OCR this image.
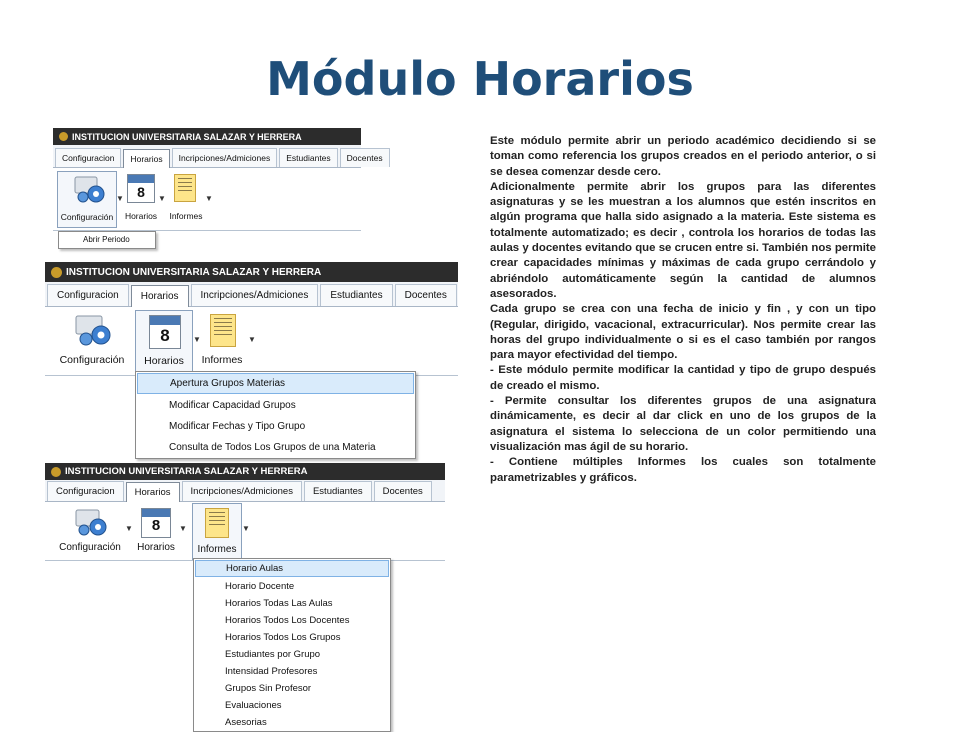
Módulo Horarios
INSTITUCION UNIVERSITARIA SALAZAR Y HERRERA
Configuracion	Horarios	Incripciones/Admiciones	Estudiantes	Docentes
Configuración
▼ 8
Horarios
▼
Informes
▼
Abrir Periodo
INSTITUCION UNIVERSITARIA SALAZAR Y HERRERA
Configuracion	Horarios	Incripciones/Admiciones	Estudiantes	Docentes
Configuración
8
Horarios
▼
Informes
▼
Apertura Grupos Materias
Modificar Capacidad Grupos
Modificar Fechas y Tipo Grupo
Consulta de Todos Los Grupos de una Materia
INSTITUCION UNIVERSITARIA SALAZAR Y HERRERA
Configuracion	Horarios	Incripciones/Admiciones	Estudiantes	Docentes
Configuración
▼	8
Horarios
▼
Informes
▼
Horario Aulas
Horario Docente
Horarios Todas Las Aulas
Horarios Todos Los Docentes
Horarios Todos Los Grupos
Estudiantes por Grupo
Intensidad Profesores
Grupos Sin Profesor
Evaluaciones
Asesorias

Este módulo permite abrir un periodo académico decidiendo si se toman como referencia los grupos creados en el periodo anterior, o si se desea comenzar desde cero.

Adicionalmente permite abrir los grupos para las diferentes asignaturas y se les muestran a los alumnos que estén inscritos en algún programa que halla sido asignado a la materia. Este sistema es totalmente automatizado; es decir , controla los horarios de todas las aulas y docentes evitando que se crucen entre si. También nos permite crear capacidades mínimas y máximas de cada grupo cerrándolo y abriéndolo automáticamente según la cantidad de alumnos asesorados.

Cada grupo se crea con una fecha de inicio y fin , y con un tipo (Regular, dirigido, vacacional, extracurricular). Nos permite crear las horas del grupo individualmente o si es el caso también por rangos para mayor efectividad del tiempo.

- Este módulo permite modificar la cantidad y tipo de grupo después de creado el mismo.

- Permite consultar los diferentes grupos de una asignatura dinámicamente, es decir al dar click en uno de los grupos de la asignatura el sistema lo selecciona de un color permitiendo una visualización mas ágil de su horario.

- Contiene múltiples Informes los cuales son totalmente parametrizables y gráficos.
